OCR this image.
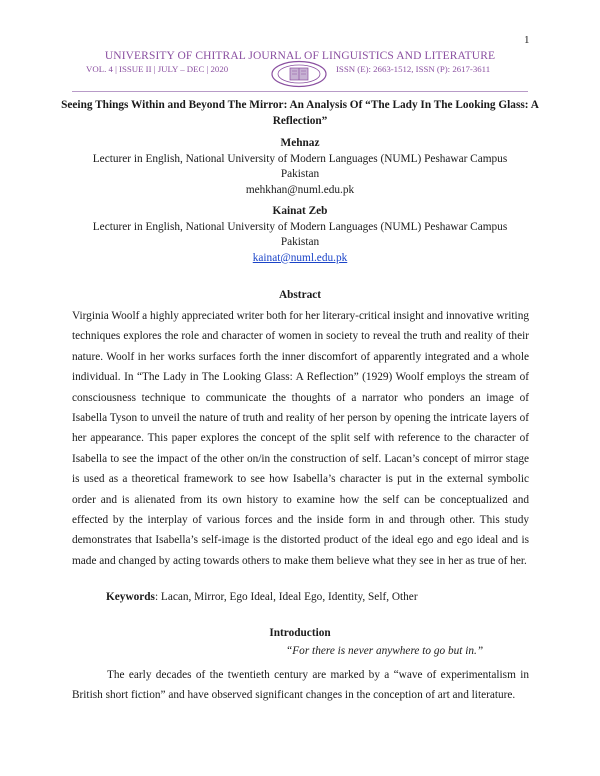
1
UNIVERSITY OF CHITRAL JOURNAL OF LINGUISTICS AND LITERATURE
VOL. 4 | ISSUE II | JULY – DEC | 2020	ISSN (E): 2663-1512, ISSN (P): 2617-3611
Seeing Things Within and Beyond The Mirror: An Analysis Of “The Lady In The Looking Glass: A Reflection”
Mehnaz
Lecturer in English, National University of Modern Languages (NUML) Peshawar Campus
Pakistan
mehkhan@numl.edu.pk
Kainat Zeb
Lecturer in English, National University of Modern Languages (NUML) Peshawar Campus
Pakistan
kainat@numl.edu.pk
Abstract

Virginia Woolf a highly appreciated writer both for her literary-critical insight and innovative writing techniques explores the role and character of women in society to reveal the truth and reality of their nature. Woolf in her works surfaces forth the inner discomfort of apparently integrated and a whole individual. In “The Lady in The Looking Glass: A Reflection” (1929) Woolf employs the stream of consciousness technique to communicate the thoughts of a narrator who ponders an image of Isabella Tyson to unveil the nature of truth and reality of her person by opening the intricate layers of her appearance. This paper explores the concept of the split self with reference to the character of Isabella to see the impact of the other on/in the construction of self. Lacan’s concept of mirror stage is used as a theoretical framework to see how Isabella’s character is put in the external symbolic order and is alienated from its own history to examine how the self can be conceptualized and effected by the interplay of various forces and the inside form in and through other. This study demonstrates that Isabella’s self-image is the distorted product of the ideal ego and ego ideal and is made and changed by acting towards others to make them believe what they see in her as true of her.

Keywords: Lacan, Mirror, Ego Ideal, Ideal Ego, Identity, Self, Other
Introduction
“For there is never anywhere to go but in.”

The early decades of the twentieth century are marked by a “wave of experimentalism in British short fiction” and have observed significant changes in the conception of art and literature.
